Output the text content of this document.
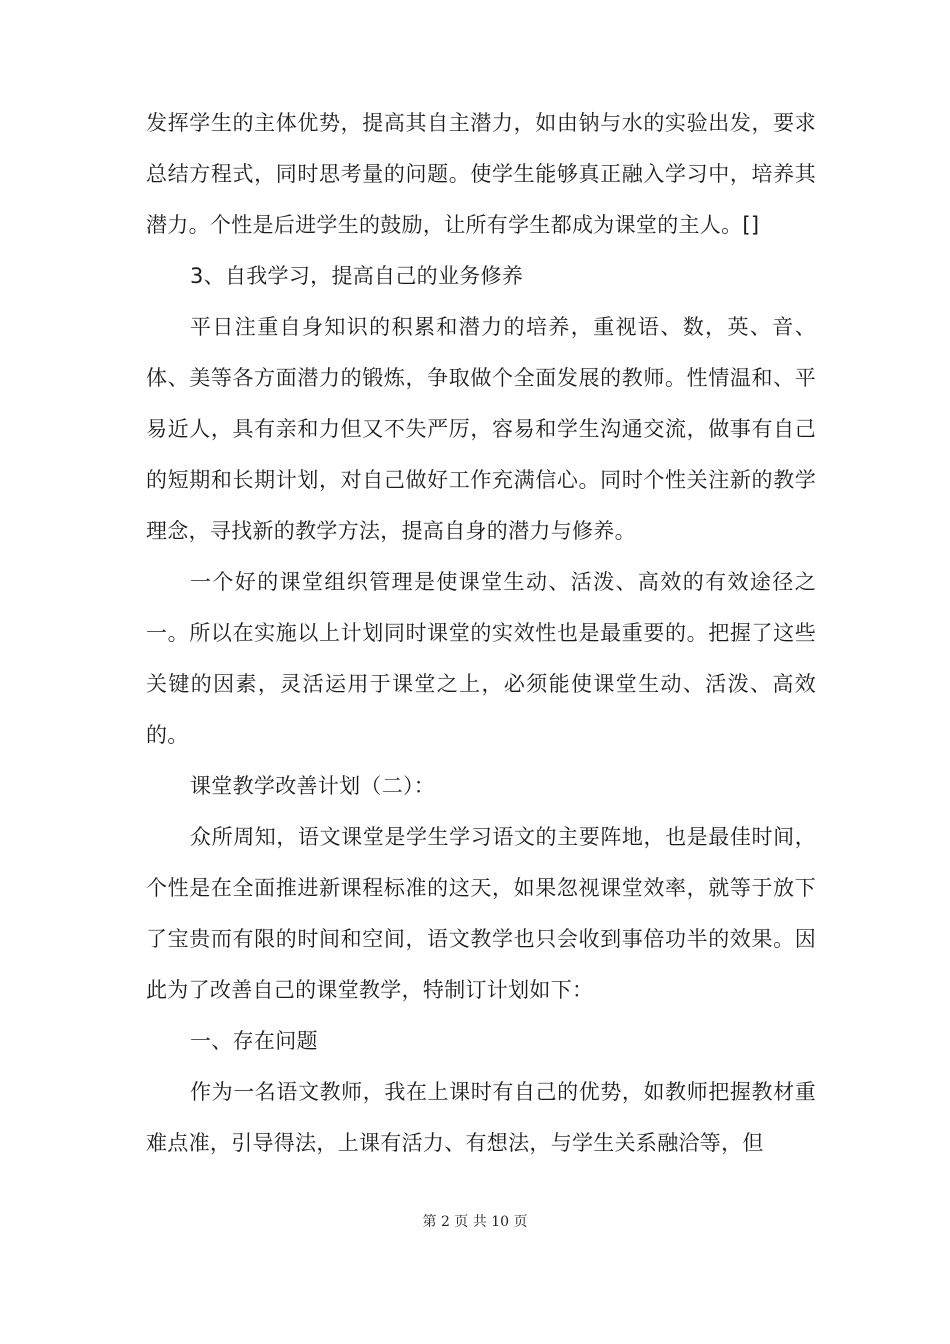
发挥学生的主体优势，提高其自主潜力，如由钠与水的实验出发，要求总结方程式，同时思考量的问题。使学生能够真正融入学习中，培养其潜力。个性是后进学生的鼓励，让所有学生都成为课堂的主人。[]

3、自我学习，提高自己的业务修养

平日注重自身知识的积累和潜力的培养，重视语、数，英、音、体、美等各方面潜力的锻炼，争取做个全面发展的教师。性情温和、平易近人，具有亲和力但又不失严厉，容易和学生沟通交流，做事有自己的短期和长期计划，对自己做好工作充满信心。同时个性关注新的教学理念，寻找新的教学方法，提高自身的潜力与修养。

一个好的课堂组织管理是使课堂生动、活泼、高效的有效途径之一。所以在实施以上计划同时课堂的实效性也是最重要的。把握了这些关键的因素，灵活运用于课堂之上，必须能使课堂生动、活泼、高效的。

课堂教学改善计划（二）：

众所周知，语文课堂是学生学习语文的主要阵地，也是最佳时间，个性是在全面推进新课程标准的这天，如果忽视课堂效率，就等于放下了宝贵而有限的时间和空间，语文教学也只会收到事倍功半的效果。因此为了改善自己的课堂教学，特制订计划如下：

一、存在问题

作为一名语文教师，我在上课时有自己的优势，如教师把握教材重难点准，引导得法，上课有活力、有想法，与学生关系融洽等，但

第 2 页 共 10 页
